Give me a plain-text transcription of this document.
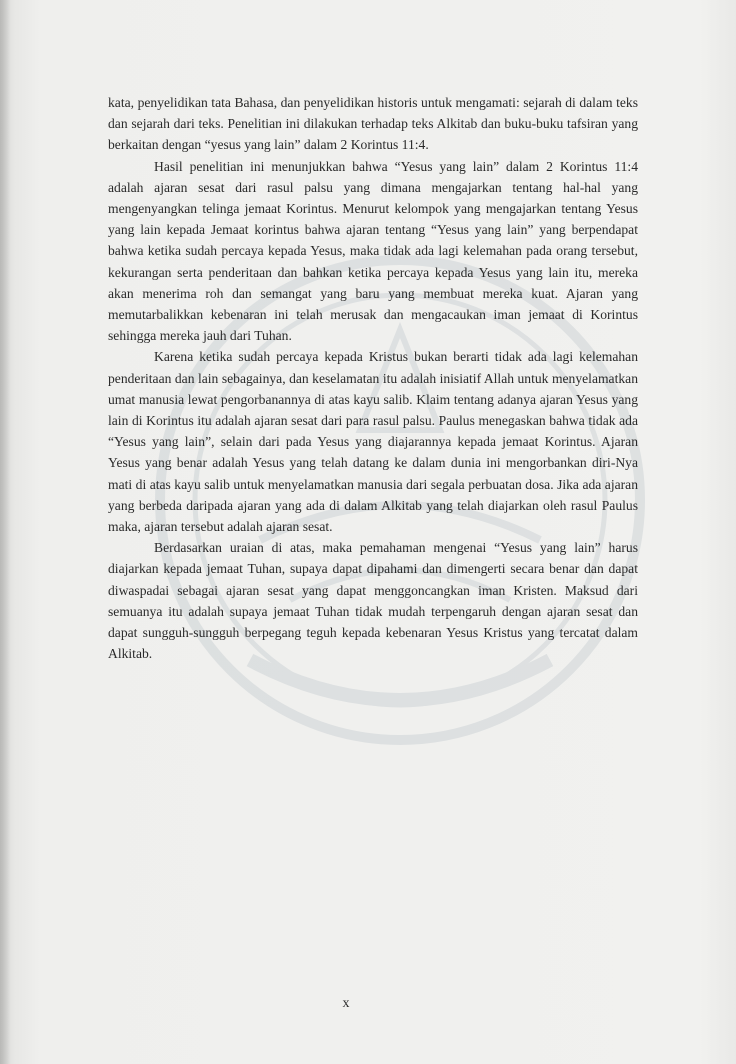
kata, penyelidikan tata Bahasa, dan penyelidikan historis untuk mengamati: sejarah di dalam teks dan sejarah dari teks. Penelitian ini dilakukan terhadap teks Alkitab dan buku-buku tafsiran yang berkaitan dengan “yesus yang lain” dalam 2 Korintus 11:4.

Hasil penelitian ini menunjukkan bahwa “Yesus yang lain” dalam 2 Korintus 11:4 adalah ajaran sesat dari rasul palsu yang dimana mengajarkan tentang hal-hal yang mengenyangkan telinga jemaat Korintus. Menurut kelompok yang mengajarkan tentang Yesus yang lain kepada Jemaat korintus bahwa ajaran tentang “Yesus yang lain” yang berpendapat bahwa ketika sudah percaya kepada Yesus, maka tidak ada lagi kelemahan pada orang tersebut, kekurangan serta penderitaan dan bahkan ketika percaya kepada Yesus yang lain itu, mereka akan menerima roh dan semangat yang baru yang membuat mereka kuat. Ajaran yang memutarbalikkan kebenaran ini telah merusak dan mengacaukan iman jemaat di Korintus sehingga mereka jauh dari Tuhan.

Karena ketika sudah percaya kepada Kristus bukan berarti tidak ada lagi kelemahan penderitaan dan lain sebagainya, dan keselamatan itu adalah inisiatif Allah untuk menyelamatkan umat manusia lewat pengorbanannya di atas kayu salib. Klaim tentang adanya ajaran Yesus yang lain di Korintus itu adalah ajaran sesat dari para rasul palsu. Paulus menegaskan bahwa tidak ada “Yesus yang lain”, selain dari pada Yesus yang diajarannya kepada jemaat Korintus. Ajaran Yesus yang benar adalah Yesus yang telah datang ke dalam dunia ini mengorbankan diri-Nya mati di atas kayu salib untuk menyelamatkan manusia dari segala perbuatan dosa. Jika ada ajaran yang berbeda daripada ajaran yang ada di dalam Alkitab yang telah diajarkan oleh rasul Paulus maka, ajaran tersebut adalah ajaran sesat.

Berdasarkan uraian di atas, maka pemahaman mengenai “Yesus yang lain” harus diajarkan kepada jemaat Tuhan, supaya dapat dipahami dan dimengerti secara benar dan dapat diwaspadai sebagai ajaran sesat yang dapat menggoncangkan iman Kristen. Maksud dari semuanya itu adalah supaya jemaat Tuhan tidak mudah terpengaruh dengan ajaran sesat dan dapat sungguh-sungguh berpegang teguh kepada kebenaran Yesus Kristus yang tercatat dalam Alkitab.

x
